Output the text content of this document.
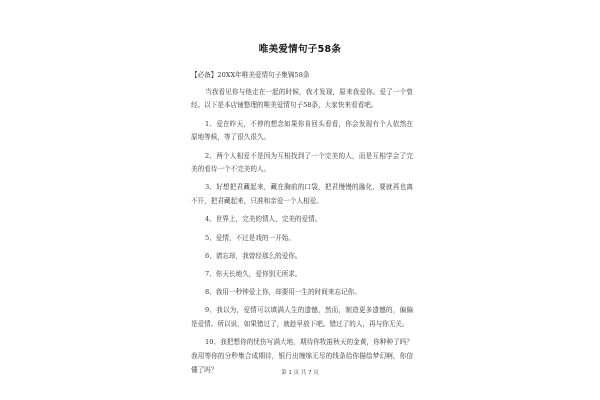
唯美爱情句子58条

【必备】20XX年唯美爱情句子集锦58条

当我看见你与他走在一起的时候，我才发现，原来我爱你。爱了一个曾经。以下是本店铺整理的唯美爱情句子58条，大家快来看看吧。

1、爱在昨天，不停的想念如果你肯回头看看，你会发现有个人依然在原地等候，等了很久很久。

2、两个人相爱不是因为互相找到了一个完美的人，而是互相学会了完美的看待一个不完美的人。

3、好想把君藏起来，藏在胸前的口袋，把君慢慢的融化，要就再也离不开，把君藏起来，只准和亲爱一个人相爱。

4、世界上，完美的情人，完美的爱情。

5、爱情，不过是戏的一开始。

6、请忘却，我曾经那么的爱你。

7、你天长地久，爱你别无所求。

8、我用一秒钟爱上你，却要用一生的时间来忘记你。

9、我以为，爱情可以填满人生的遗憾，然而，制造更多遗憾的，偏偏是爱情。所以说，如果错过了，就趁早放下吧。错过了的人，再与你无关。

10、我把想你的忧伤写满大地，期待你牧笛秋天的金黄，你种种了吗？我用等你的分秒集合成期待，银行出缠绵无尽的线条给你描绘梦幻啊，你信懂了吗？	第 1 页 共 7 页
